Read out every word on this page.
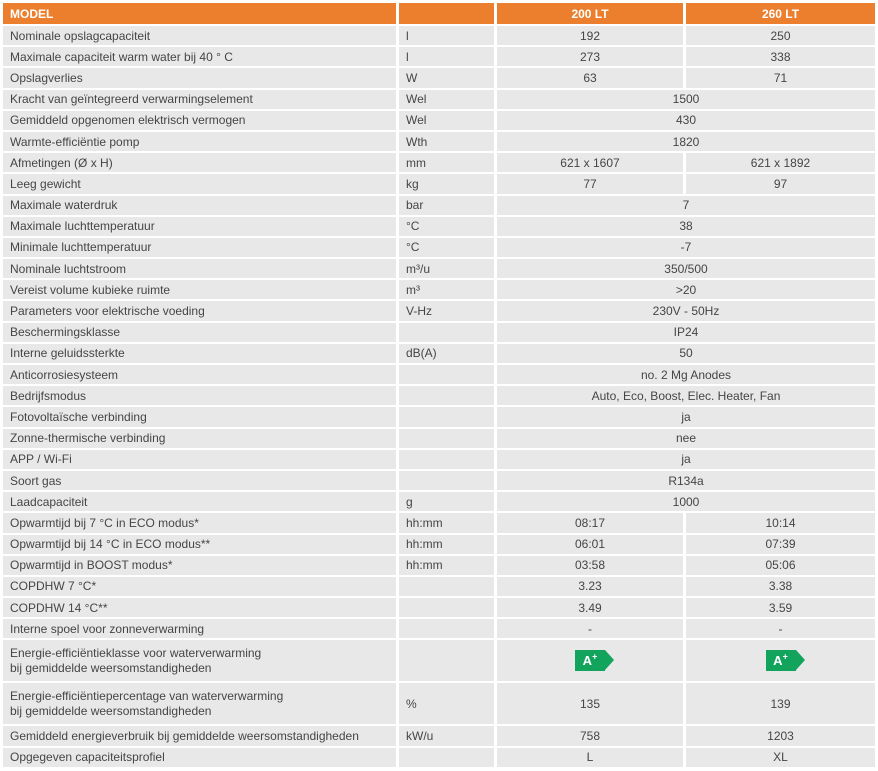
MODEL		200 LT	260 LT
Nominale opslagcapaciteit	l	192	250
Maximale capaciteit warm water bij 40 ° C	l	273	338
Opslagverlies	W	63	71
Kracht van geïntegreerd verwarmingselement	Wel	1500	
Gemiddeld opgenomen elektrisch vermogen	Wel	430	
Warmte-efficiëntie pomp	Wth	1820	
Afmetingen (Ø x H)	mm	621 x 1607	621 x 1892
Leeg gewicht	kg	77	97
Maximale waterdruk	bar	7	
Maximale luchttemperatuur	°C	38	
Minimale luchttemperatuur	°C	-7	
Nominale luchtstroom	m³/u	350/500	
Vereist volume kubieke ruimte	m³	>20	
Parameters voor elektrische voeding	V-Hz	230V - 50Hz	
Beschermingsklasse		IP24	
Interne geluidssterkte	dB(A)	50	
Anticorrosiesysteem		no. 2 Mg Anodes	
Bedrijfsmodus		Auto, Eco, Boost, Elec. Heater, Fan	
Fotovoltaïsche verbinding		ja	
Zonne-thermische verbinding		nee	
APP / Wi-Fi		ja	
Soort gas		R134a	
Laadcapaciteit	g	1000	
Opwarmtijd bij 7 °C in ECO modus*	hh:mm	08:17	10:14
Opwarmtijd bij 14 °C in ECO modus**	hh:mm	06:01	07:39
Opwarmtijd in BOOST modus*	hh:mm	03:58	05:06
COPDHW 7 °C*		3.23	3.38
COPDHW 14 °C**		3.49	3.59
Interne spoel voor zonneverwarming		-	-

Energie-efficiëntieklasse voor waterverwarming
bij gemiddelde weersomstandigheden		A+	A+

Energie-efficiëntiepercentage van waterverwarming
bij gemiddelde weersomstandigheden	%	135	139
Gemiddeld energieverbruik bij gemiddelde weersomstandigheden	kW/u	758	1203
Opgegeven capaciteitsprofiel		L	XL
